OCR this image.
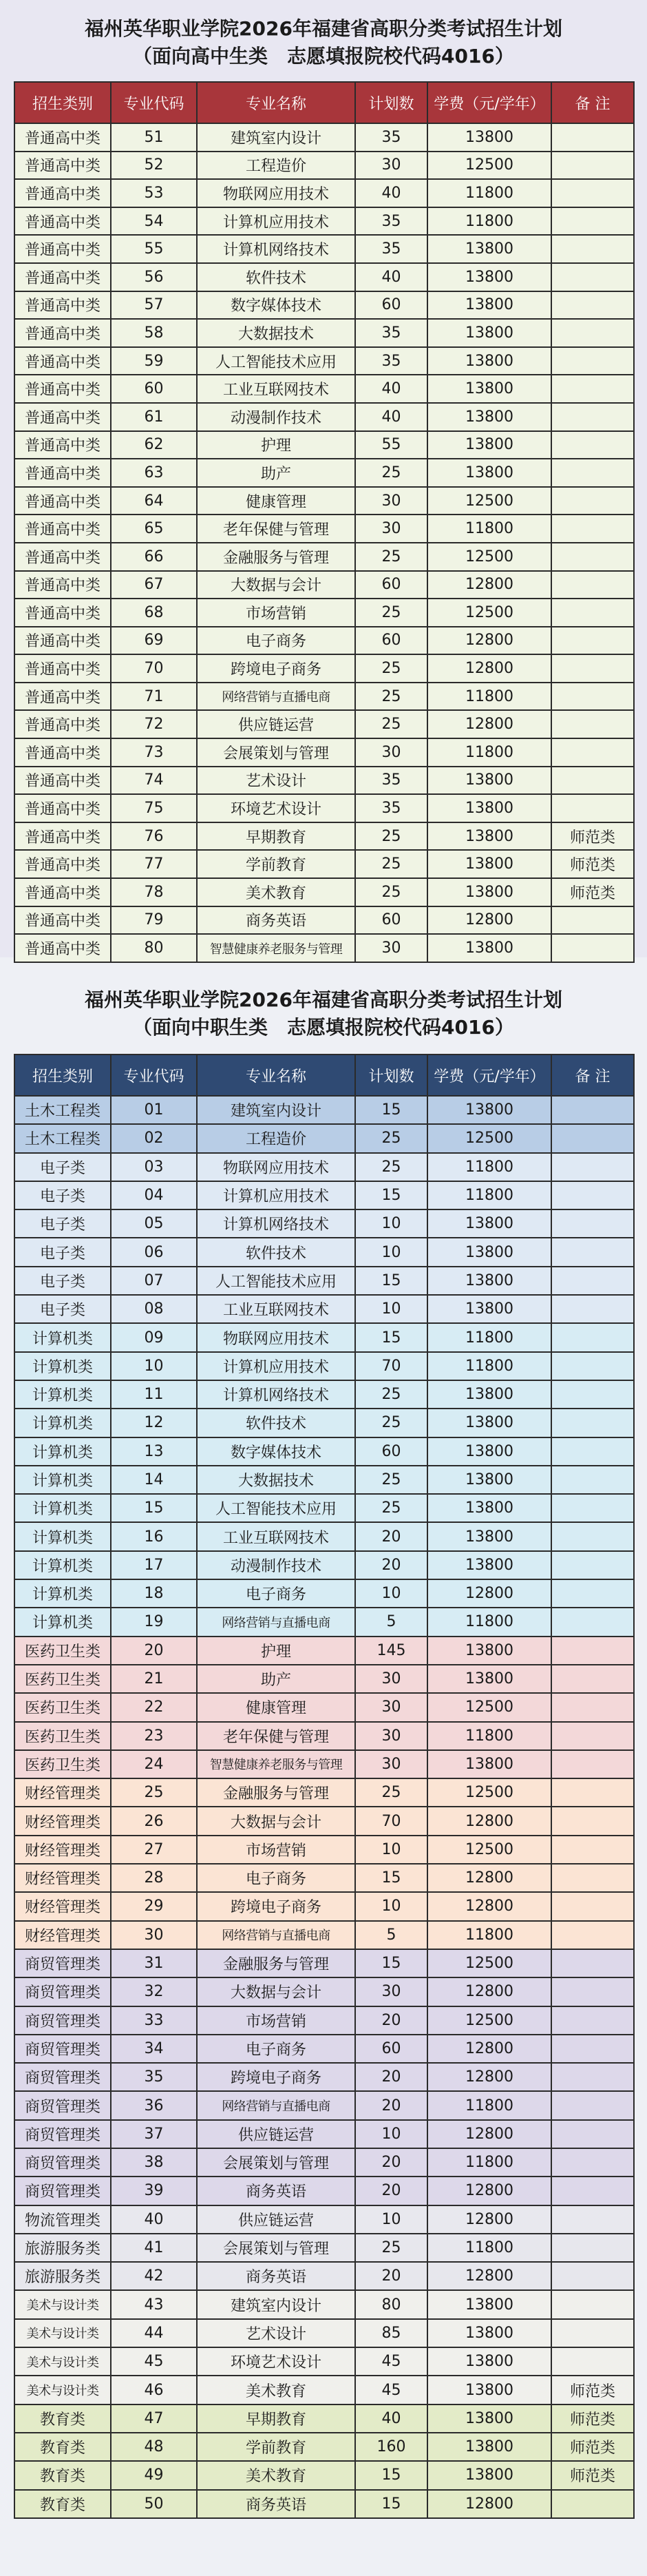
福州英华职业学院2026年福建省高职分类考试招生计划
（面向高中生类　志愿填报院校代码4016）
招生类别	专业代码	专业名称	计划数	学费（元/学年）	备 注
普通高中类	51	建筑室内设计	35	13800	
普通高中类	52	工程造价	30	12500	
普通高中类	53	物联网应用技术	40	11800	
普通高中类	54	计算机应用技术	35	11800	
普通高中类	55	计算机网络技术	35	13800	
普通高中类	56	软件技术	40	13800	
普通高中类	57	数字媒体技术	60	13800	
普通高中类	58	大数据技术	35	13800	
普通高中类	59	人工智能技术应用	35	13800	
普通高中类	60	工业互联网技术	40	13800	
普通高中类	61	动漫制作技术	40	13800	
普通高中类	62	护理	55	13800	
普通高中类	63	助产	25	13800	
普通高中类	64	健康管理	30	12500	
普通高中类	65	老年保健与管理	30	11800	
普通高中类	66	金融服务与管理	25	12500	
普通高中类	67	大数据与会计	60	12800	
普通高中类	68	市场营销	25	12500	
普通高中类	69	电子商务	60	12800	
普通高中类	70	跨境电子商务	25	12800	
普通高中类	71	网络营销与直播电商	25	11800	
普通高中类	72	供应链运营	25	12800	
普通高中类	73	会展策划与管理	30	11800	
普通高中类	74	艺术设计	35	13800	
普通高中类	75	环境艺术设计	35	13800	
普通高中类	76	早期教育	25	13800	师范类
普通高中类	77	学前教育	25	13800	师范类
普通高中类	78	美术教育	25	13800	师范类
普通高中类	79	商务英语	60	12800	
普通高中类	80	智慧健康养老服务与管理	30	13800	
福州英华职业学院2026年福建省高职分类考试招生计划
（面向中职生类　志愿填报院校代码4016）
招生类别	专业代码	专业名称	计划数	学费（元/学年）	备 注
土木工程类	01	建筑室内设计	15	13800	
土木工程类	02	工程造价	25	12500	
电子类	03	物联网应用技术	25	11800	
电子类	04	计算机应用技术	15	11800	
电子类	05	计算机网络技术	10	13800	
电子类	06	软件技术	10	13800	
电子类	07	人工智能技术应用	15	13800	
电子类	08	工业互联网技术	10	13800	
计算机类	09	物联网应用技术	15	11800	
计算机类	10	计算机应用技术	70	11800	
计算机类	11	计算机网络技术	25	13800	
计算机类	12	软件技术	25	13800	
计算机类	13	数字媒体技术	60	13800	
计算机类	14	大数据技术	25	13800	
计算机类	15	人工智能技术应用	25	13800	
计算机类	16	工业互联网技术	20	13800	
计算机类	17	动漫制作技术	20	13800	
计算机类	18	电子商务	10	12800	
计算机类	19	网络营销与直播电商	5	11800	
医药卫生类	20	护理	145	13800	
医药卫生类	21	助产	30	13800	
医药卫生类	22	健康管理	30	12500	
医药卫生类	23	老年保健与管理	30	11800	
医药卫生类	24	智慧健康养老服务与管理	30	13800	
财经管理类	25	金融服务与管理	25	12500	
财经管理类	26	大数据与会计	70	12800	
财经管理类	27	市场营销	10	12500	
财经管理类	28	电子商务	15	12800	
财经管理类	29	跨境电子商务	10	12800	
财经管理类	30	网络营销与直播电商	5	11800	
商贸管理类	31	金融服务与管理	15	12500	
商贸管理类	32	大数据与会计	30	12800	
商贸管理类	33	市场营销	20	12500	
商贸管理类	34	电子商务	60	12800	
商贸管理类	35	跨境电子商务	20	12800	
商贸管理类	36	网络营销与直播电商	20	11800	
商贸管理类	37	供应链运营	10	12800	
商贸管理类	38	会展策划与管理	20	11800	
商贸管理类	39	商务英语	20	12800	
物流管理类	40	供应链运营	10	12800	
旅游服务类	41	会展策划与管理	25	11800	
旅游服务类	42	商务英语	20	12800	
美术与设计类	43	建筑室内设计	80	13800	
美术与设计类	44	艺术设计	85	13800	
美术与设计类	45	环境艺术设计	45	13800	
美术与设计类	46	美术教育	45	13800	师范类
教育类	47	早期教育	40	13800	师范类
教育类	48	学前教育	160	13800	师范类
教育类	49	美术教育	15	13800	师范类
教育类	50	商务英语	15	12800	
